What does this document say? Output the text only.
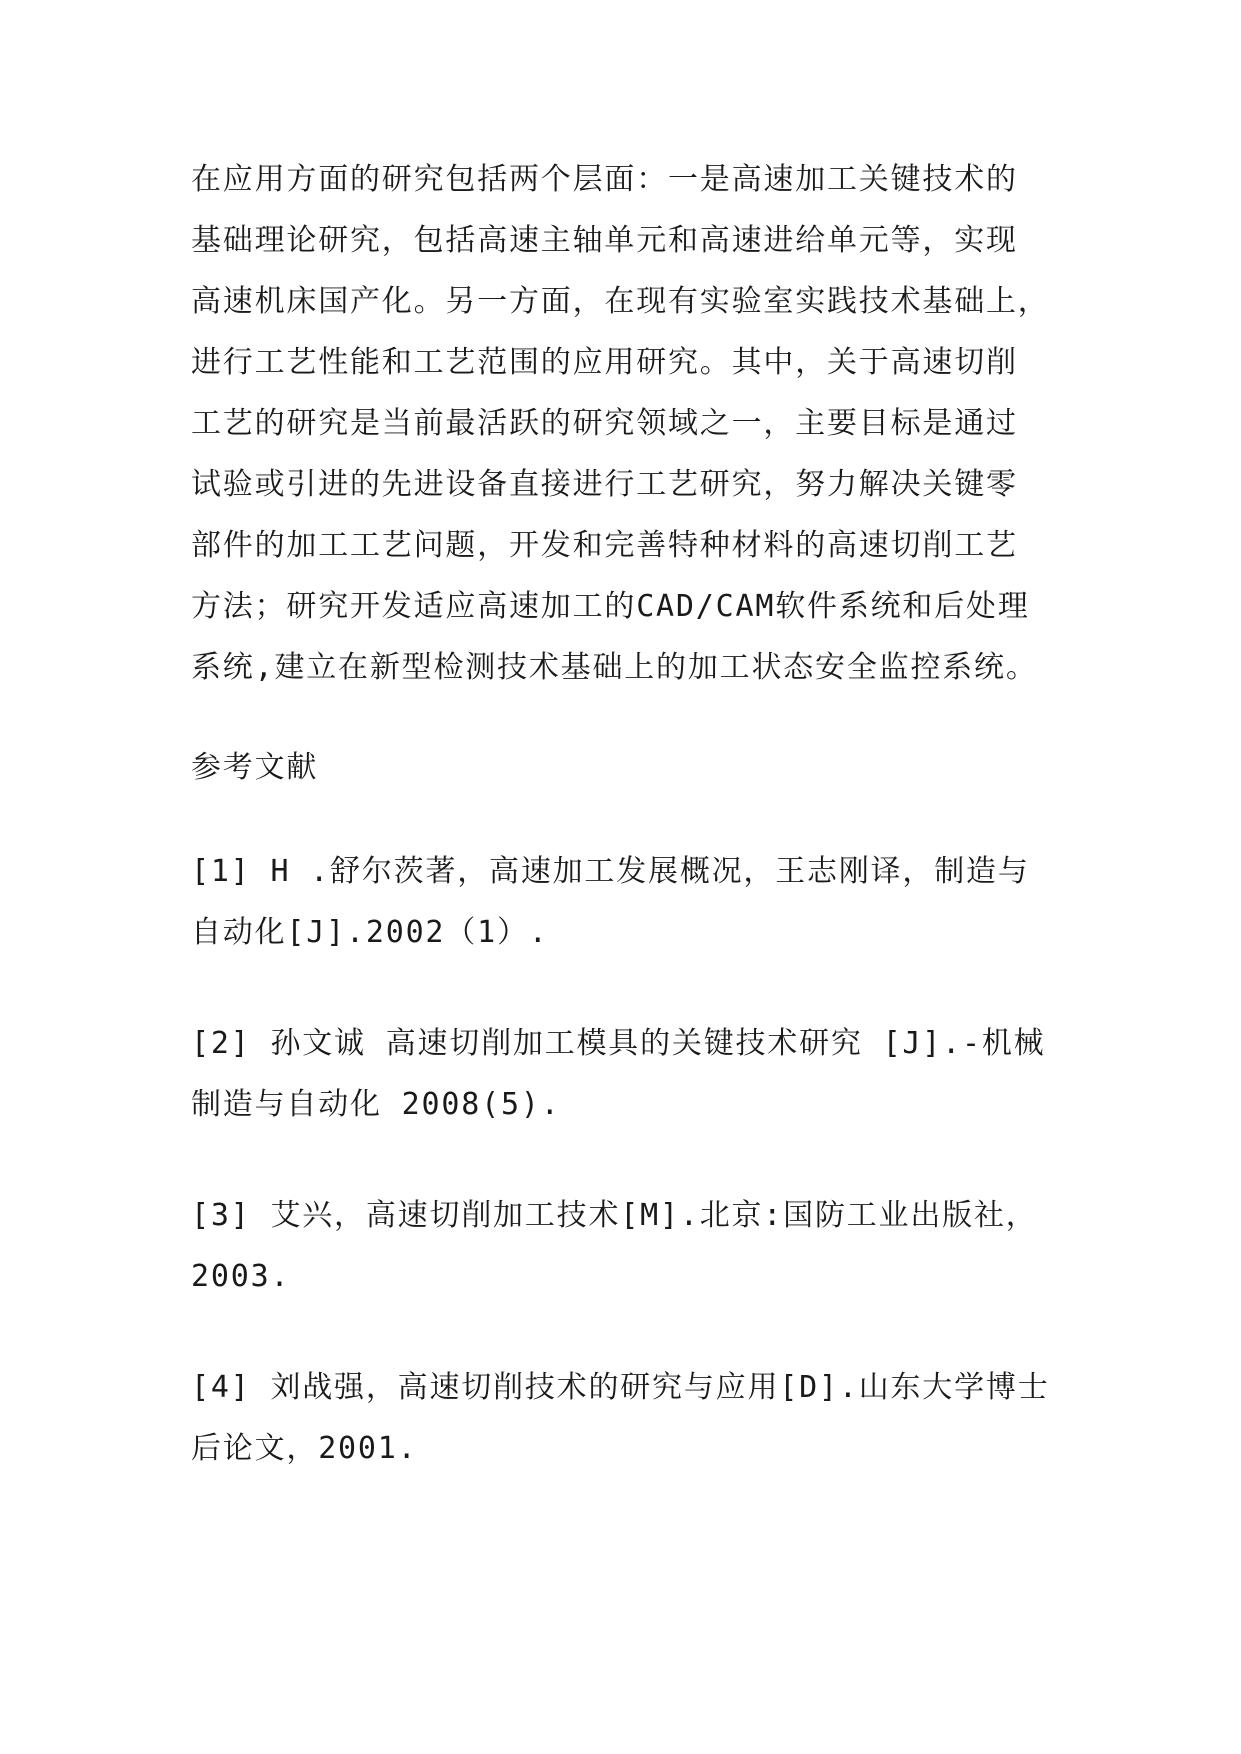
在应用方面的研究包括两个层面：一是高速加工关键技术的
基础理论研究，包括高速主轴单元和高速进给单元等，实现
高速机床国产化。另一方面，在现有实验室实践技术基础上，
进行工艺性能和工艺范围的应用研究。其中，关于高速切削
工艺的研究是当前最活跃的研究领域之一，主要目标是通过
试验或引进的先进设备直接进行工艺研究，努力解决关键零
部件的加工工艺问题，开发和完善特种材料的高速切削工艺
方法；研究开发适应高速加工的CAD/CAM软件系统和后处理
系统,建立在新型检测技术基础上的加工状态安全监控系统。
参考文献
[1] H .舒尔茨著，高速加工发展概况，王志刚译，制造与
自动化[J].2002（1）.
[2] 孙文诚 高速切削加工模具的关键技术研究 [J].-机械
制造与自动化 2008(5).
[3] 艾兴，高速切削加工技术[M].北京:国防工业出版社，
2003.
[4] 刘战强，高速切削技术的研究与应用[D].山东大学博士
后论文，2001.
